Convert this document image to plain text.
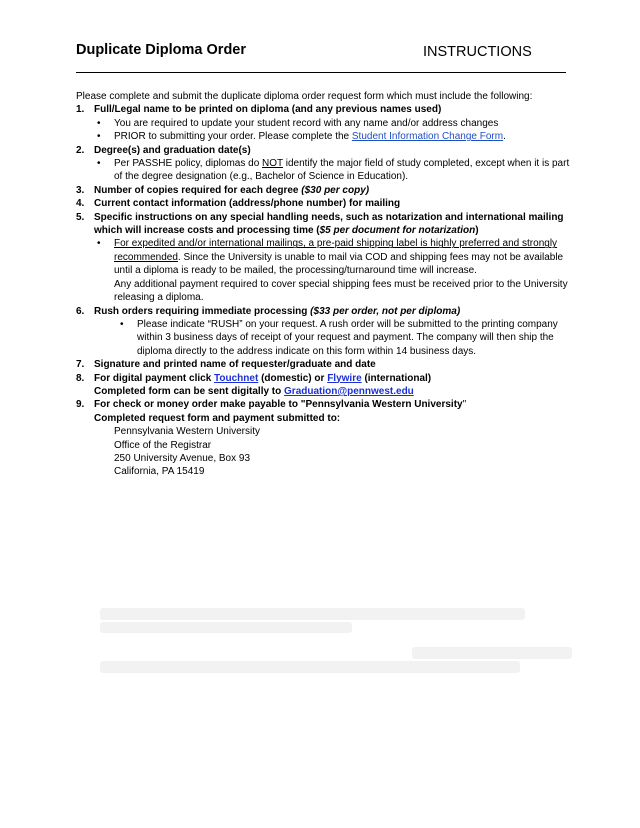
Duplicate Diploma Order	INSTRUCTIONS
Please complete and submit the duplicate diploma order request form which must include the following:
1. Full/Legal name to be printed on diploma (and any previous names used)
• You are required to update your student record with any name and/or address changes
• PRIOR to submitting your order. Please complete the Student Information Change Form.
2. Degree(s) and graduation date(s)
• Per PASSHE policy, diplomas do NOT identify the major field of study completed, except when it is part of the degree designation (e.g., Bachelor of Science in Education).
3. Number of copies required for each degree ($30 per copy)
4. Current contact information (address/phone number) for mailing
5. Specific instructions on any special handling needs, such as notarization and international mailing which will increase costs and processing time ($5 per document for notarization)
• For expedited and/or international mailings, a pre-paid shipping label is highly preferred and strongly recommended. Since the University is unable to mail via COD and shipping fees may not be available until a diploma is ready to be mailed, the processing/turnaround time will increase.
Any additional payment required to cover special shipping fees must be received prior to the University releasing a diploma.
6. Rush orders requiring immediate processing ($33 per order, not per diploma)
• Please indicate “RUSH” on your request. A rush order will be submitted to the printing company within 3 business days of receipt of your request and payment. The company will then ship the diploma directly to the address indicate on this form within 14 business days.
7. Signature and printed name of requester/graduate and date
8. For digital payment click Touchnet (domestic) or Flywire (international)
Completed form can be sent digitally to Graduation@pennwest.edu
9. For check or money order make payable to "Pennsylvania Western University"
Completed request form and payment submitted to:
Pennsylvania Western University
Office of the Registrar
250 University Avenue, Box 93
California, PA 15419
